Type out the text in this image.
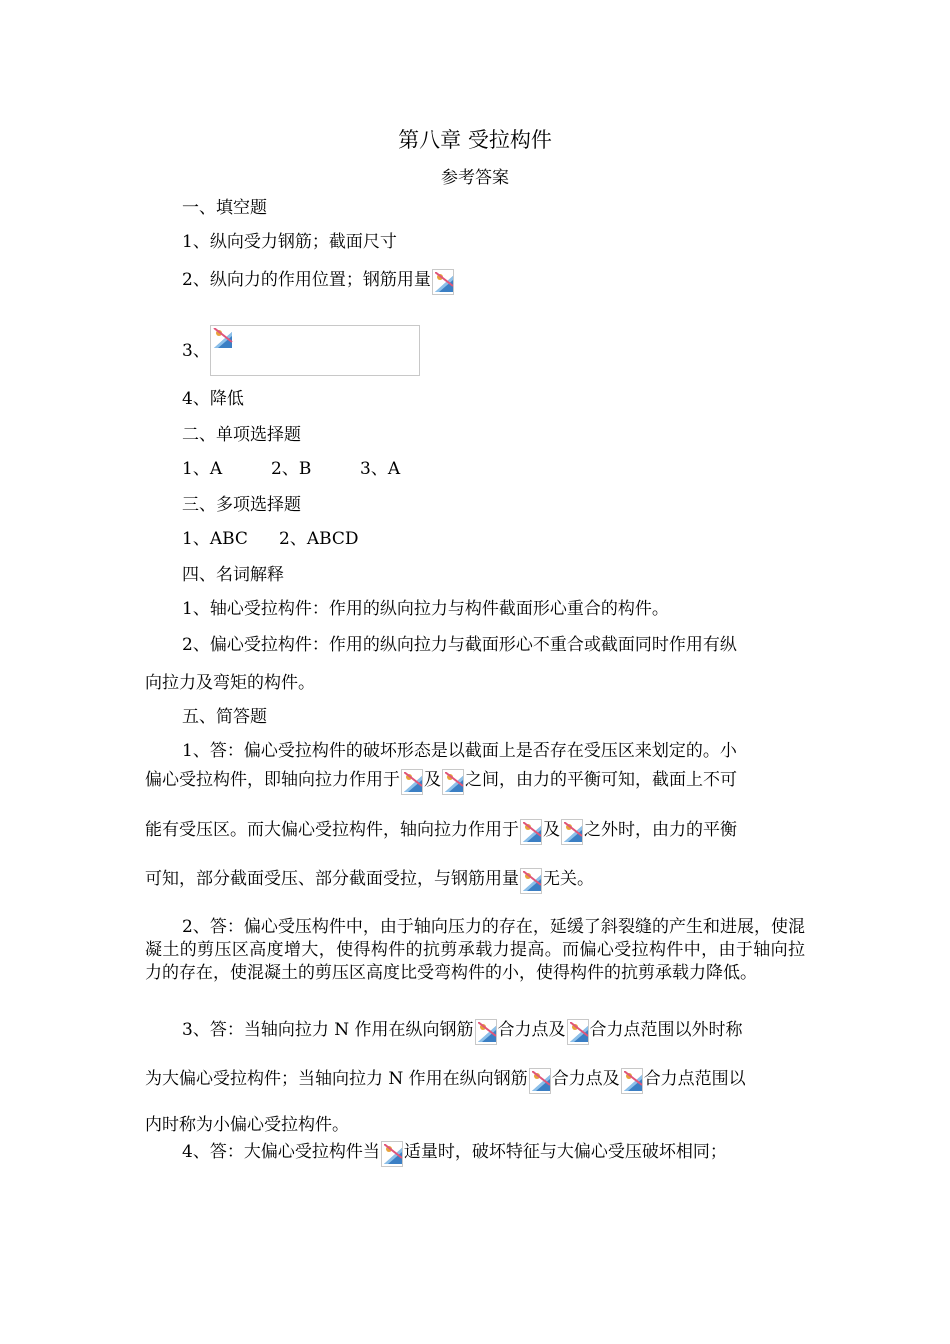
第八章 受拉构件
参考答案
一、填空题
1、纵向受力钢筋；截面尺寸
2、纵向力的作用位置；钢筋用量
3、
4、降低
二、单项选择题
1、A	2、B	3、A
三、多项选择题
1、ABC 2、ABCD
四、名词解释
1、轴心受拉构件：作用的纵向拉力与构件截面形心重合的构件。
2、偏心受拉构件：作用的纵向拉力与截面形心不重合或截面同时作用有纵
向拉力及弯矩的构件。
五、简答题
1、答：偏心受拉构件的破坏形态是以截面上是否存在受压区来划定的。小
偏心受拉构件，即轴向拉力作用于 及 之间，由力的平衡可知，截面上不可
能有受压区。而大偏心受拉构件，轴向拉力作用于 及 之外时，由力的平衡
可知，部分截面受压、部分截面受拉，与钢筋用量 无关。
2、答：偏心受压构件中，由于轴向压力的存在，延缓了斜裂缝的产生和进展，使混凝土的剪压区高度增大，使得构件的抗剪承载力提高。而偏心受拉构件中，由于轴向拉力的存在，使混凝土的剪压区高度比受弯构件的小，使得构件的抗剪承载力降低。
3、答：当轴向拉力 N 作用在纵向钢筋 合力点及 合力点范围以外时称
为大偏心受拉构件；当轴向拉力 N 作用在纵向钢筋 合力点及 合力点范围以
内时称为小偏心受拉构件。
4、答：大偏心受拉构件当 适量时，破坏特征与大偏心受压破坏相同；
